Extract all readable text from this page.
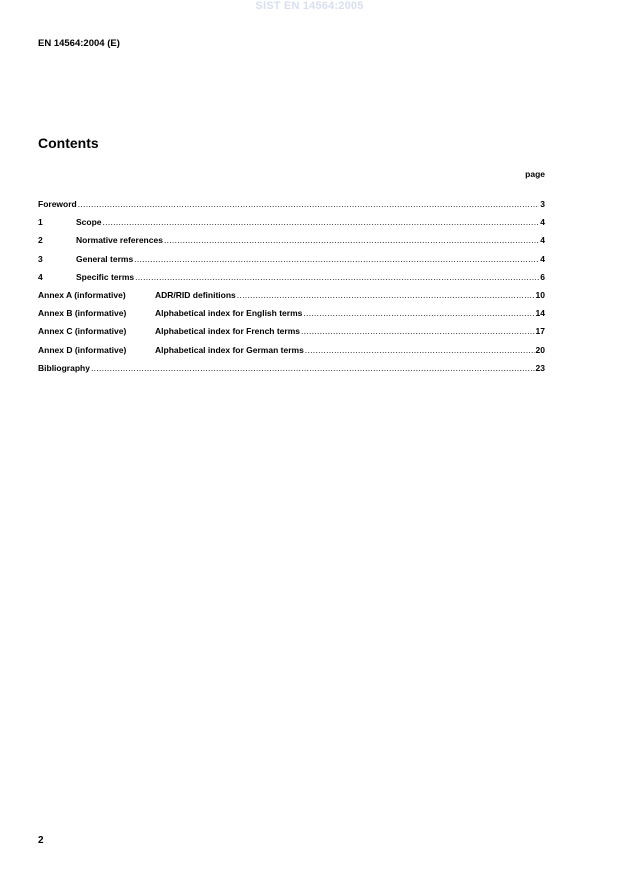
SIST EN 14564:2005
EN 14564:2004 (E)
Contents
page
Foreword .....	3
1	Scope .....	4
2	Normative references .....	4
3	General terms .....	4
4	Specific terms .....	6
Annex A (informative)	ADR/RID definitions .....	10
Annex B (informative)	Alphabetical index for English terms .....	14
Annex C (informative)	Alphabetical index for French terms .....	17
Annex D (informative)	Alphabetical index for German terms .....	20
Bibliography .....	23
2
